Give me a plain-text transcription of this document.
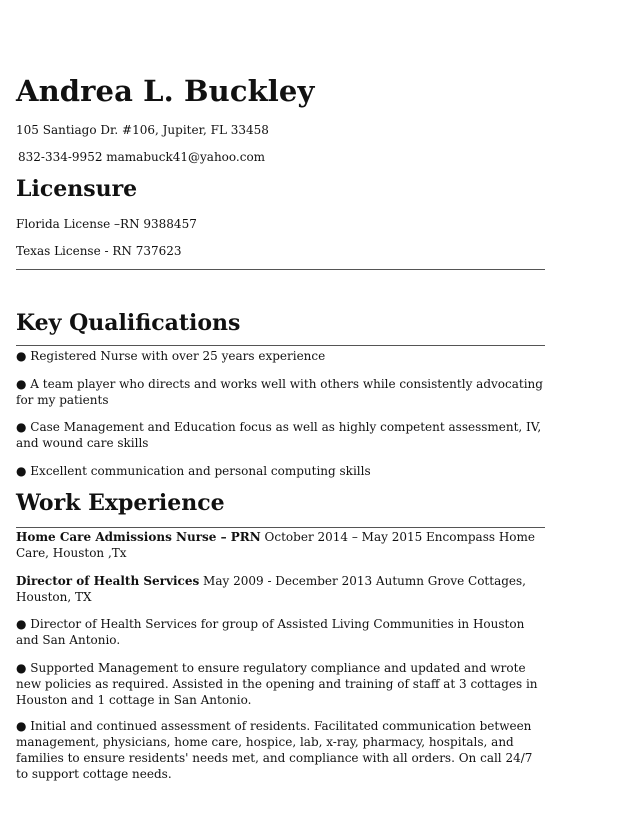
Andrea L. Buckley
105 Santiago Dr. #106, Jupiter, FL 33458
832-334-9952 mamabuck41@yahoo.com
Licensure
Florida License –RN 9388457
Texas License - RN 737623
Key Qualifications
● Registered Nurse with over 25 years experience
● A team player who directs and works well with others while consistently advocating for my patients
● Case Management and Education focus as well as highly competent assessment, IV, and wound care skills
● Excellent communication and personal computing skills
Work Experience
Home Care Admissions Nurse – PRN October 2014 – May 2015 Encompass Home Care, Houston ,Tx
Director of Health Services May 2009 - December 2013 Autumn Grove Cottages, Houston, TX
● Director of Health Services for group of Assisted Living Communities in Houston and San Antonio.
● Supported Management to ensure regulatory compliance and updated and wrote new policies as required. Assisted in the opening and training of staff at 3 cottages in Houston and 1 cottage in San Antonio.
● Initial and continued assessment of residents. Facilitated communication between management, physicians, home care, hospice, lab, x-ray, pharmacy, hospitals, and families to ensure residents' needs met, and compliance with all orders. On call 24/7 to support cottage needs.
